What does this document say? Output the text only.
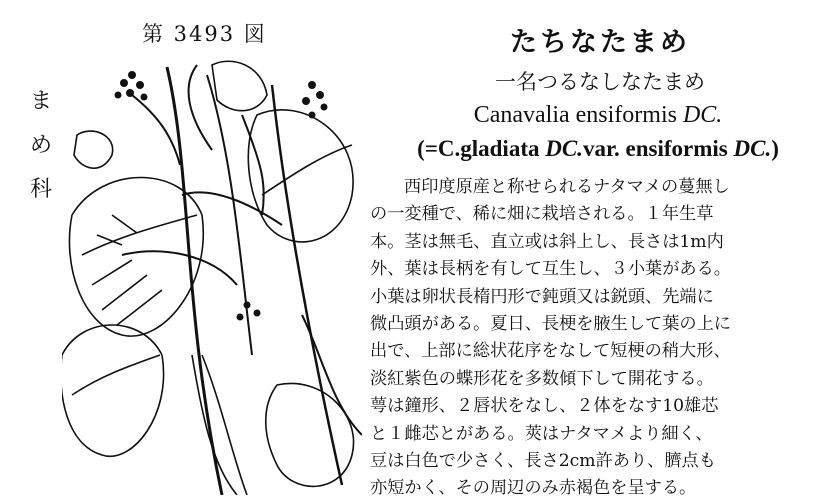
第 3493 図
ま
め
科
たちなたまめ
一名つるなしなたまめ
Canavalia ensiformis DC.
(=C.gladiata DC.var. ensiformis DC.)
西印度原産と称せられるナタマメの蔓無し
の一変種で、稀に畑に栽培される。１年生草
本。茎は無毛、直立或は斜上し、長さは1m内
外、葉は長柄を有して互生し、３小葉がある。
小葉は卵状長楕円形で鈍頭又は鋭頭、先端に
微凸頭がある。夏日、長梗を腋生して葉の上に
出で、上部に総状花序をなして短梗の稍大形、
淡紅紫色の蝶形花を多数傾下して開花する。
萼は鐘形、２唇状をなし、２体をなす10雄芯
と１雌芯とがある。莢はナタマメより細く、
豆は白色で少さく、長さ2cm許あり、臍点も
亦短かく、その周辺のみ赤褐色を呈する。
